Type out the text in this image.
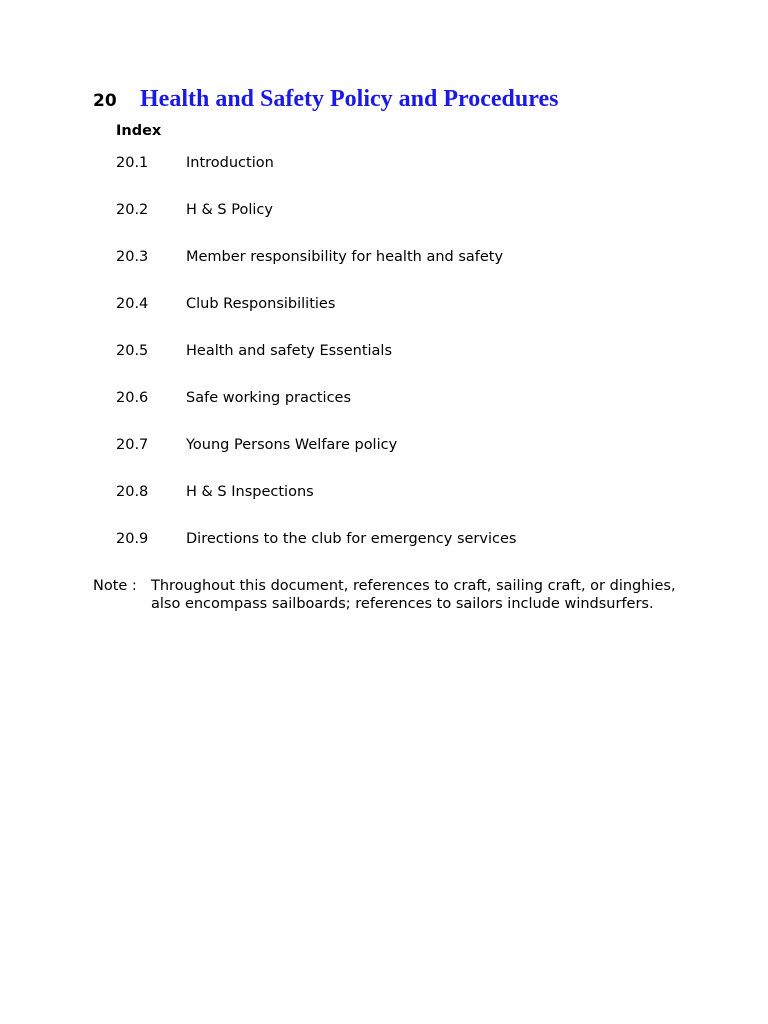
20 Health and Safety Policy and Procedures
Index
20.1	Introduction
20.2	H & S Policy
20.3	Member responsibility for health and safety
20.4	Club Responsibilities
20.5	Health and safety Essentials
20.6	Safe working practices
20.7	Young Persons Welfare policy
20.8	H & S Inspections
20.9	Directions to the club for emergency services
Note : Throughout this document, references to craft, sailing craft, or dinghies, also encompass sailboards; references to sailors include windsurfers.
